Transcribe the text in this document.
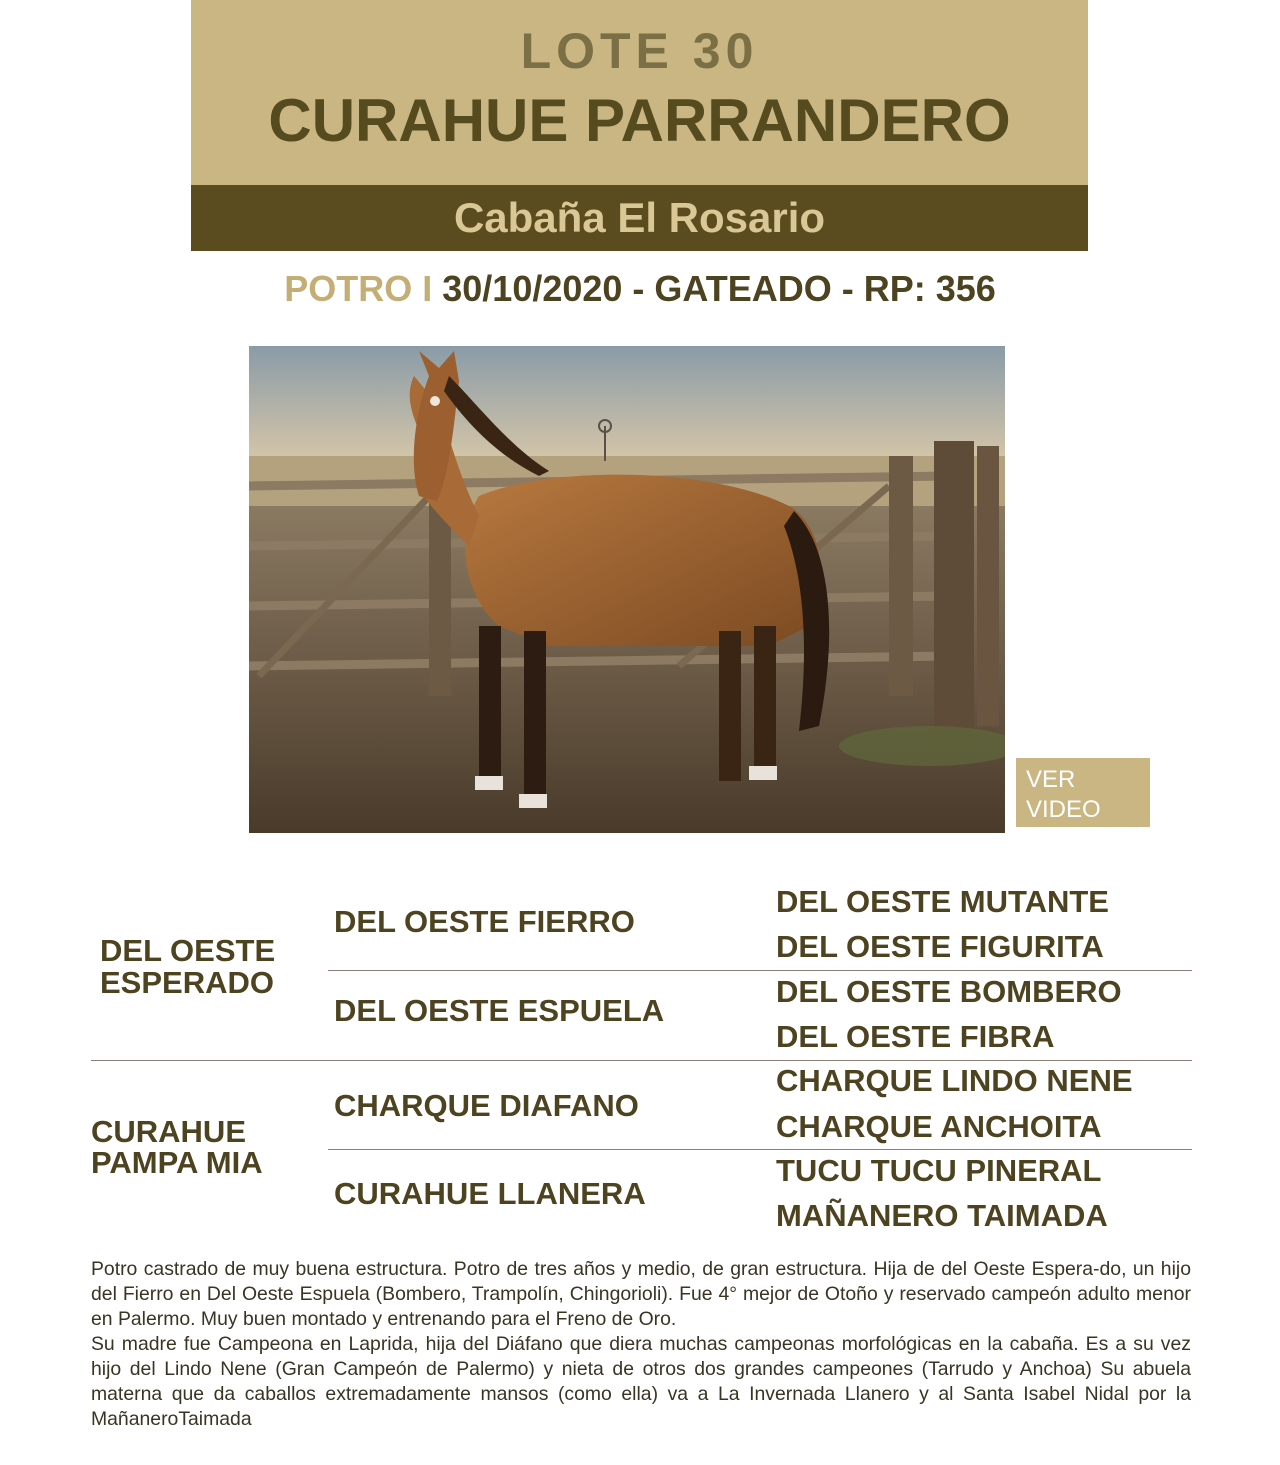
LOTE 30
CURAHUE PARRANDERO
Cabaña El Rosario
POTRO I 30/10/2020 - GATEADO - RP: 356
VER
VIDEO
DEL OESTE
ESPERADO
DEL OESTE FIERRO
DEL OESTE ESPUELA
DEL OESTE MUTANTE
DEL OESTE FIGURITA
DEL OESTE BOMBERO
DEL OESTE FIBRA
CURAHUE
PAMPA MIA
CHARQUE DIAFANO
CURAHUE LLANERA
CHARQUE LINDO NENE
CHARQUE ANCHOITA
TUCU TUCU PINERAL
MAÑANERO TAIMADA

Potro castrado de muy buena estructura. Potro de tres años y medio, de gran estructura. Hija de del Oeste Espera-do, un hijo del Fierro en Del Oeste Espuela (Bombero, Trampolín, Chingorioli). Fue 4° mejor de Otoño y reservado campeón adulto menor en Palermo. Muy buen montado y entrenando para el Freno de Oro.

Su madre fue Campeona en Laprida, hija del Diáfano que diera muchas campeonas morfológicas en la cabaña. Es a su vez hijo del Lindo Nene (Gran Campeón de Palermo) y nieta de otros dos grandes campeones (Tarrudo y Anchoa) Su abuela materna que da caballos extremadamente mansos (como ella) va a La Invernada Llanero y al Santa Isabel Nidal por la MañaneroTaimada
